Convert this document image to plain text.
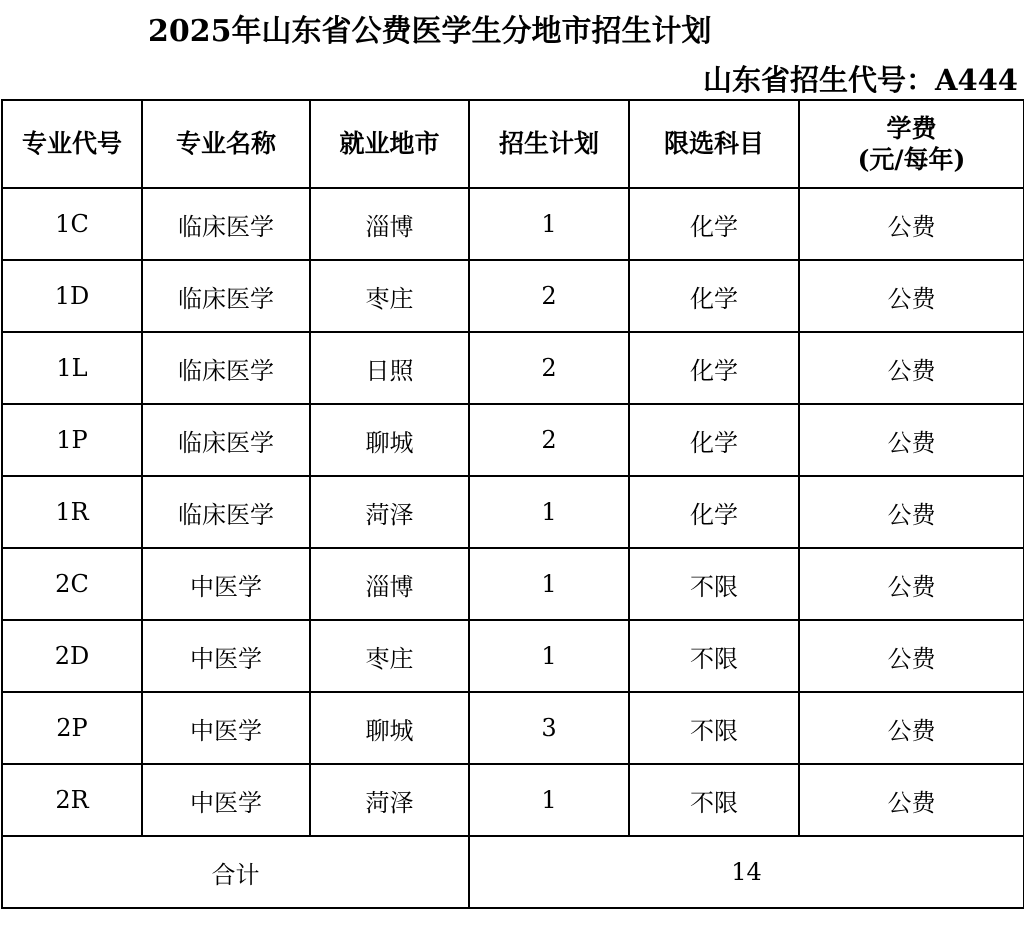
2025年山东省公费医学生分地市招生计划
山东省招生代号：A444
专业代号	专业名称	就业地市	招生计划	限选科目	学费
(元/每年)

1C	临床医学	淄博	1	化学	公费
1D	临床医学	枣庄	2	化学	公费
1L	临床医学	日照	2	化学	公费
1P	临床医学	聊城	2	化学	公费
1R	临床医学	菏泽	1	化学	公费
2C	中医学	淄博	1	不限	公费
2D	中医学	枣庄	1	不限	公费
2P	中医学	聊城	3	不限	公费
2R	中医学	菏泽	1	不限	公费
合计			14		
